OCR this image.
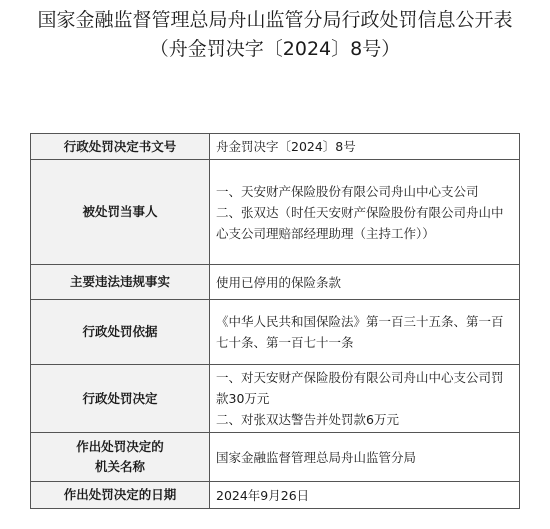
国家金融监督管理总局舟山监管分局行政处罚信息公开表
（舟金罚决字〔2024〕8号）
行政处罚决定书文号	舟金罚决字〔2024〕8号

被处罚当事人	一、天安财产保险股份有限公司舟山中心支公司
二、张双达（时任天安财产保险股份有限公司舟山中心支公司理赔部经理助理（主持工作））

主要违法违规事实	使用已停用的保险条款

行政处罚依据	《中华人民共和国保险法》第一百三十五条、第一百七十条、第一百七十一条

行政处罚决定	一、对天安财产保险股份有限公司舟山中心支公司罚款30万元
二、对张双达警告并处罚款6万元

作出处罚决定的
机关名称	国家金融监督管理总局舟山监管分局

作出处罚决定的日期	2024年9月26日
